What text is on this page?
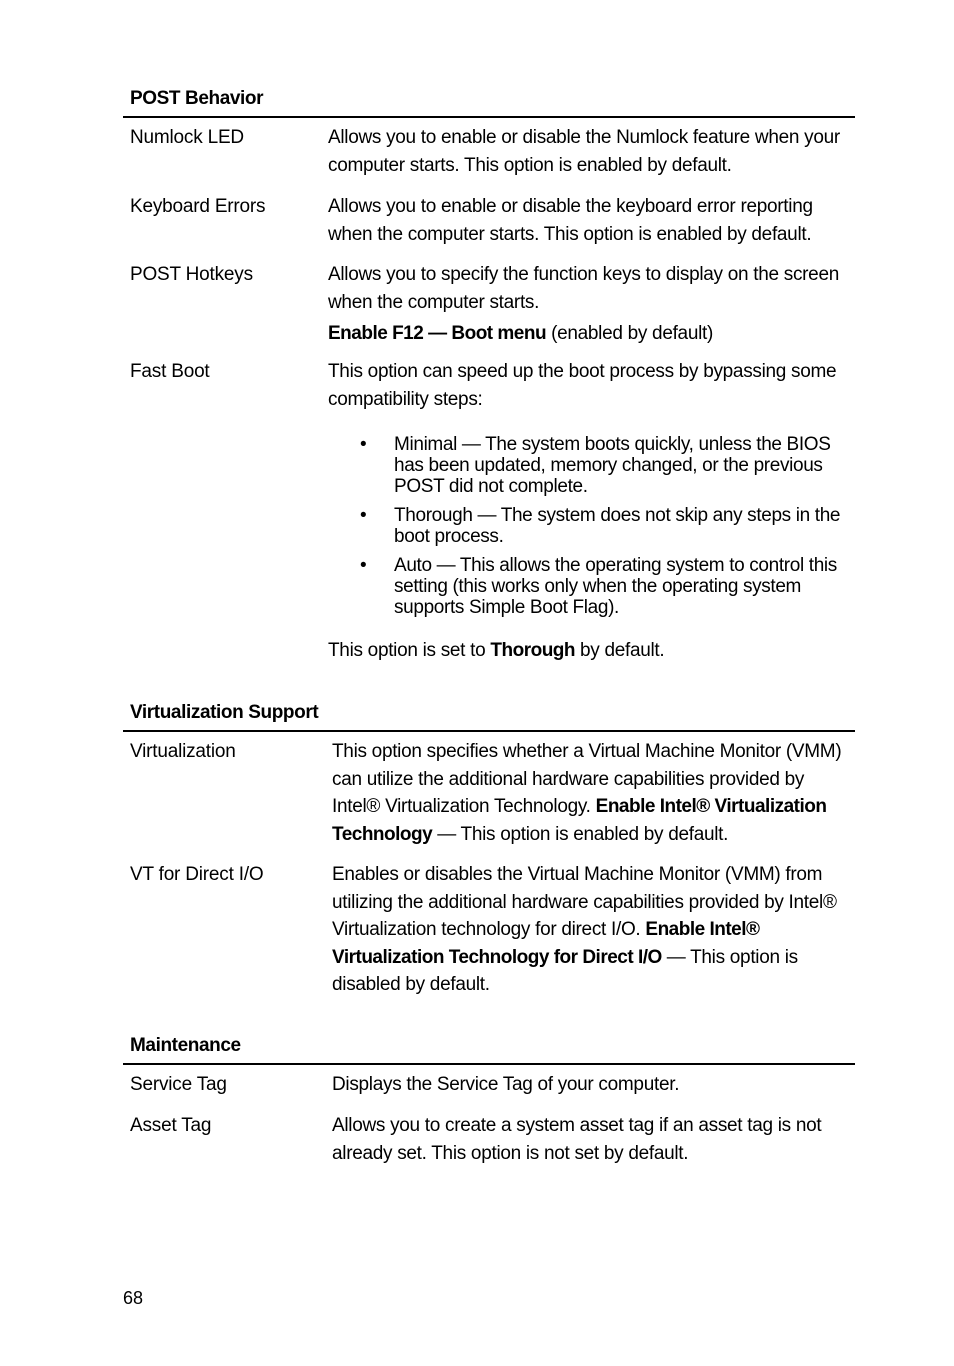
POST Behavior
Numlock LED	Allows you to enable or disable the Numlock feature when your computer starts. This option is enabled by default.
Keyboard Errors	Allows you to enable or disable the keyboard error reporting when the computer starts. This option is enabled by default.
POST Hotkeys	Allows you to specify the function keys to display on the screen when the computer starts.
Enable F12 — Boot menu (enabled by default)
Fast Boot	This option can speed up the boot process by bypassing some compatibility steps:
• Minimal — The system boots quickly, unless the BIOS has been updated, memory changed, or the previous POST did not complete.
• Thorough — The system does not skip any steps in the boot process.
• Auto — This allows the operating system to control this setting (this works only when the operating system supports Simple Boot Flag).
This option is set to Thorough by default.
Virtualization Support
Virtualization	This option specifies whether a Virtual Machine Monitor (VMM) can utilize the additional hardware capabilities provided by Intel® Virtualization Technology. Enable Intel® Virtualization Technology — This option is enabled by default.
VT for Direct I/O	Enables or disables the Virtual Machine Monitor (VMM) from utilizing the additional hardware capabilities provided by Intel® Virtualization technology for direct I/O. Enable Intel® Virtualization Technology for Direct I/O — This option is disabled by default.
Maintenance
Service Tag	Displays the Service Tag of your computer.
Asset Tag	Allows you to create a system asset tag if an asset tag is not already set. This option is not set by default.
68
